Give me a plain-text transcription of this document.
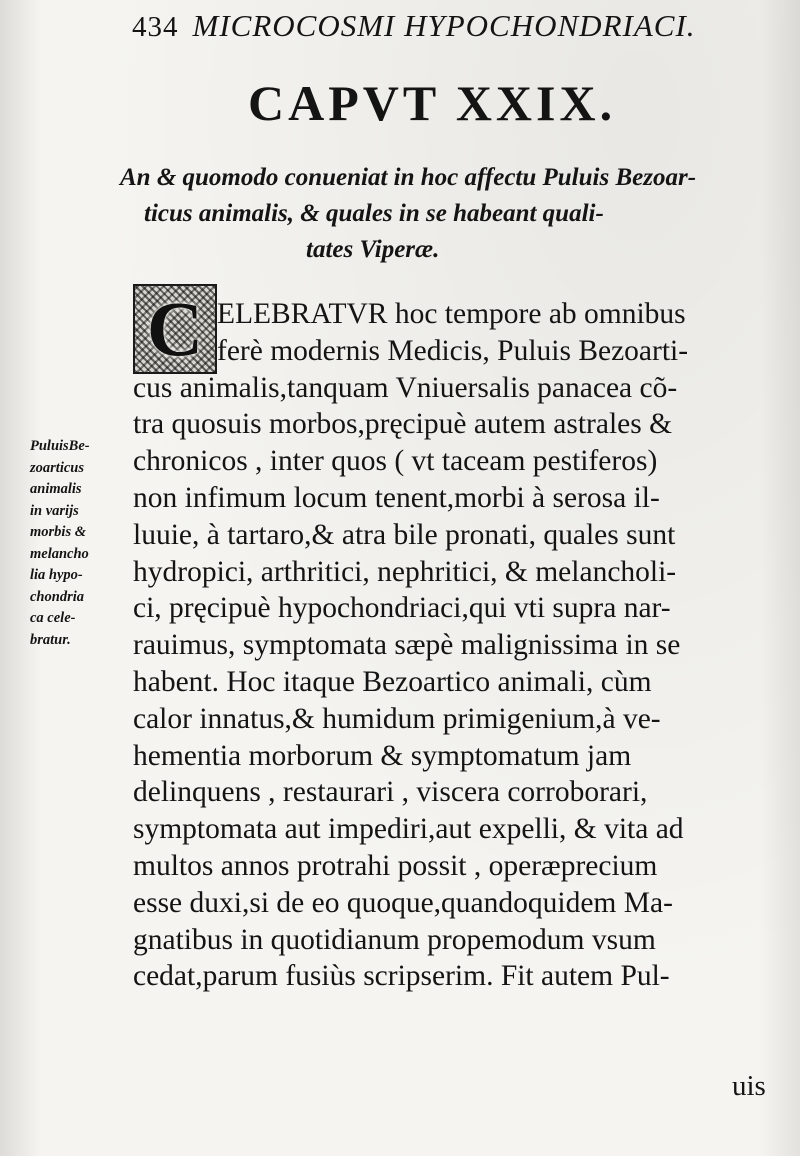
434 MICROCOSMI HYPOCHONDRIACI.
CAPVT XXIX.
An & quomodo conueniat in hoc affectu Puluis Bezoar-
ticus animalis, & quales in se habeant quali-
tates Viperæ.
C
PuluisBe-
zoarticus
animalis
in varijs
morbis &
melancho
lia hypo-
chondria
ca cele-
bratur.
ELEBRATVR hoc tempore ab omnibus
ferè modernis Medicis, Puluis Bezoarti-
cus animalis,tanquam Vniuersalis panacea cõ-
tra quosuis morbos,pręcipuè autem astrales &
chronicos , inter quos ( vt taceam pestiferos)
non infimum locum tenent,morbi à serosa il-
luuie, à tartaro,& atra bile pronati, quales sunt
hydropici, arthritici, nephritici, & melancholi-
ci, pręcipuè hypochondriaci,qui vti supra nar-
rauimus, symptomata sæpè malignissima in se
habent. Hoc itaque Bezoartico animali, cùm
calor innatus,& humidum primigenium,à ve-
hementia morborum & symptomatum jam
delinquens , restaurari , viscera corroborari,
symptomata aut impediri,aut expelli, & vita ad
multos annos protrahi possit , operæprecium
esse duxi,si de eo quoque,quandoquidem Ma-
gnatibus in quotidianum propemodum vsum
cedat,parum fusiùs scripserim. Fit autem Pul-
uis
